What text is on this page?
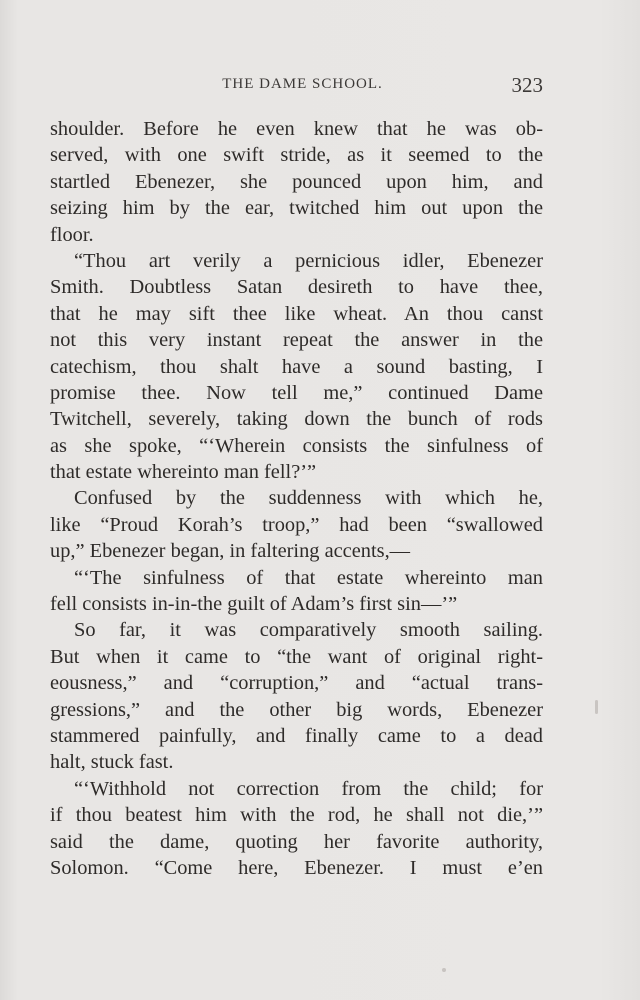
THE DAME SCHOOL.	323
shoulder. Before he even knew that he was ob-
served, with one swift stride, as it seemed to the
startled Ebenezer, she pounced upon him, and
seizing him by the ear, twitched him out upon the
floor.
“Thou art verily a pernicious idler, Ebenezer
Smith. Doubtless Satan desireth to have thee,
that he may sift thee like wheat. An thou canst
not this very instant repeat the answer in the
catechism, thou shalt have a sound basting, I
promise thee. Now tell me,” continued Dame
Twitchell, severely, taking down the bunch of rods
as she spoke, “‘Wherein consists the sinfulness of
that estate whereinto man fell?’”
Confused by the suddenness with which he,
like “Proud Korah’s troop,” had been “swallowed
up,” Ebenezer began, in faltering accents,—
“‘The sinfulness of that estate whereinto man
fell consists in-in-the guilt of Adam’s first sin—’”
So far, it was comparatively smooth sailing.
But when it came to “the want of original right-
eousness,” and “corruption,” and “actual trans-
gressions,” and the other big words, Ebenezer
stammered painfully, and finally came to a dead
halt, stuck fast.
“‘Withhold not correction from the child; for
if thou beatest him with the rod, he shall not die,’”
said the dame, quoting her favorite authority,
Solomon. “Come here, Ebenezer. I must e’en
